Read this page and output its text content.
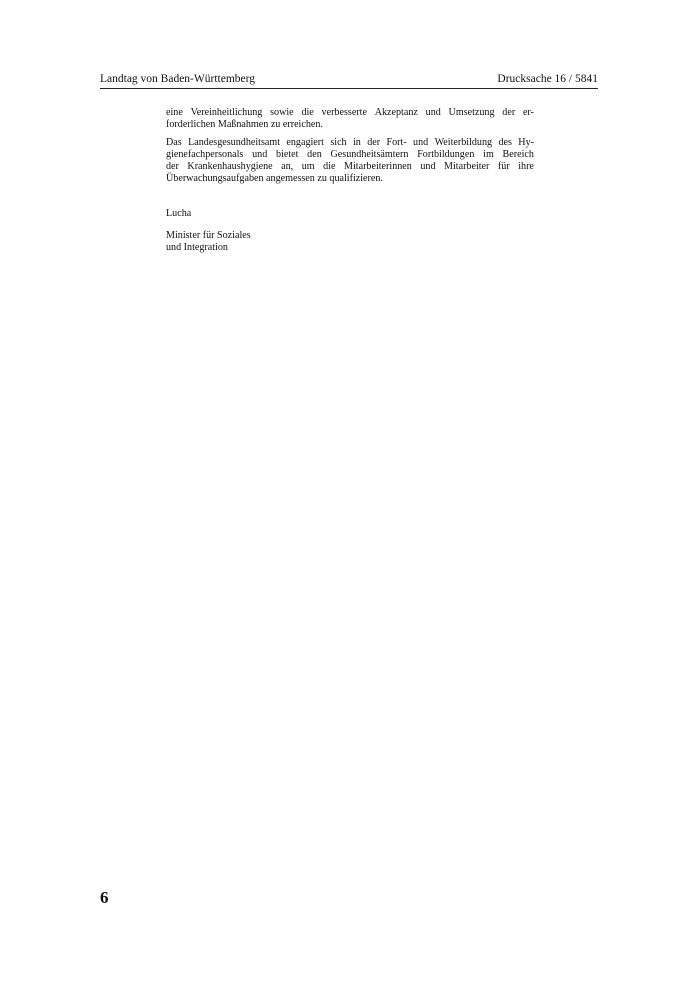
Landtag von Baden-Württemberg	Drucksache 16 / 5841

eine Vereinheitlichung sowie die verbesserte Akzeptanz und Umsetzung der er-
forderlichen Maßnahmen zu erreichen.

Das Landesgesundheitsamt engagiert sich in der Fort- und Weiterbildung des Hy-
gienefachpersonals und bietet den Gesundheitsämtern Fortbildungen im Bereich
der Krankenhaushygiene an, um die Mitarbeiterinnen und Mitarbeiter für ihre
Überwachungsaufgaben angemessen zu qualifizieren.

Lucha

Minister für Soziales
und Integration

6
